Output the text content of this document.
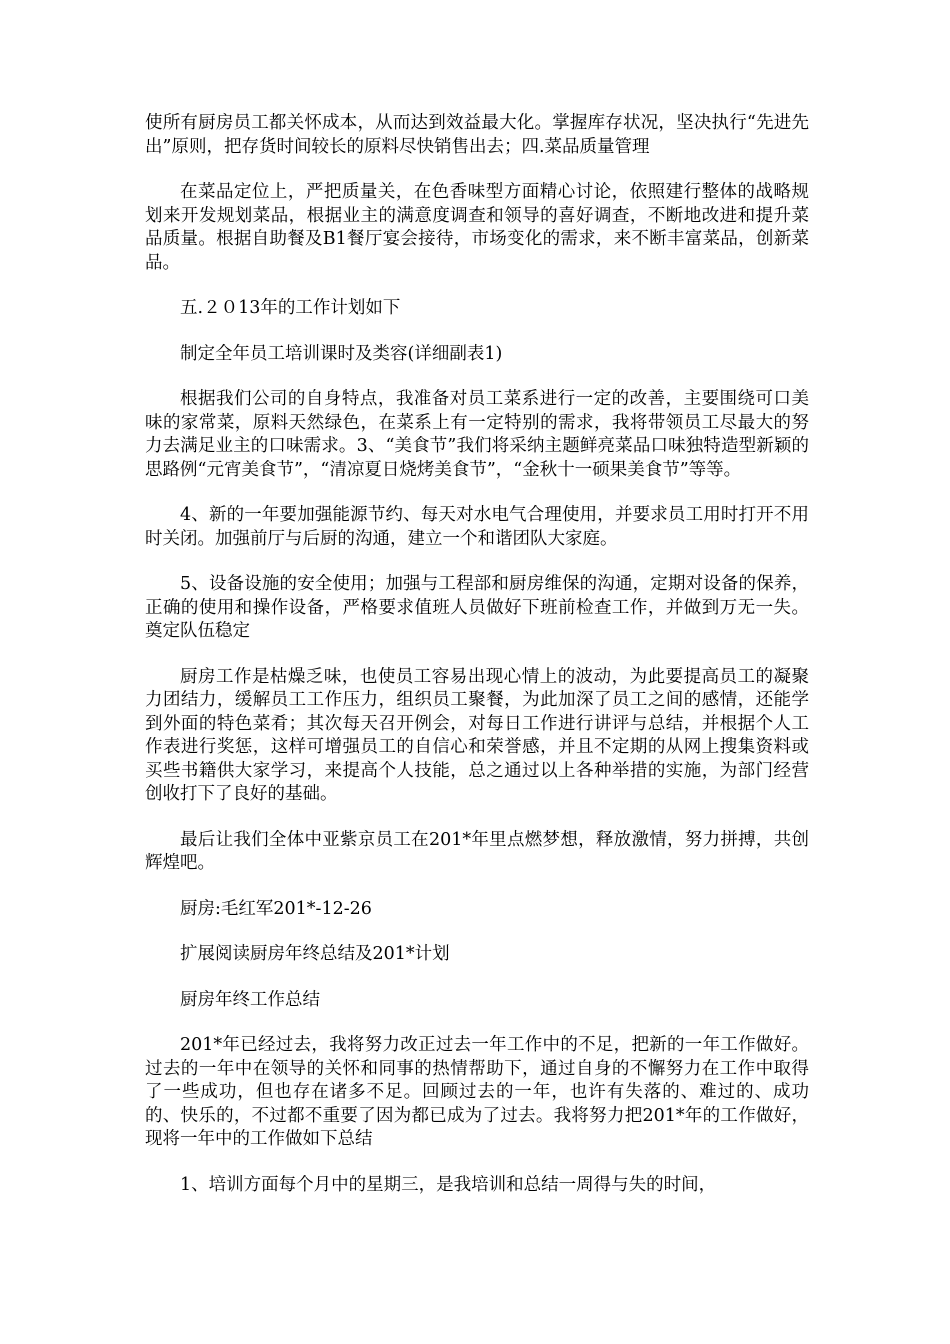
使所有厨房员工都关怀成本，从而达到效益最大化。掌握库存状况，坚决执行“先进先出”原则，把存货时间较长的原料尽快销售出去；四.菜品质量管理

在菜品定位上，严把质量关，在色香味型方面精心讨论，依照建行整体的战略规划来开发规划菜品，根据业主的满意度调查和领导的喜好调查，不断地改进和提升菜品质量。根据自助餐及B1餐厅宴会接待，市场变化的需求，来不断丰富菜品，创新菜品。

五.２０13年的工作计划如下

制定全年员工培训课时及类容(详细副表1)

根据我们公司的自身特点，我准备对员工菜系进行一定的改善，主要围绕可口美味的家常菜，原料天然绿色，在菜系上有一定特别的需求，我将带领员工尽最大的努力去满足业主的口味需求。3、“美食节”我们将采纳主题鲜亮菜品口味独特造型新颖的思路例“元宵美食节”，“清凉夏日烧烤美食节”，“金秋十一硕果美食节”等等。

4、新的一年要加强能源节约、每天对水电气合理使用，并要求员工用时打开不用时关闭。加强前厅与后厨的沟通，建立一个和谐团队大家庭。

5、设备设施的安全使用；加强与工程部和厨房维保的沟通，定期对设备的保养，正确的使用和操作设备，严格要求值班人员做好下班前检查工作，并做到万无一失。奠定队伍稳定

厨房工作是枯燥乏味，也使员工容易出现心情上的波动，为此要提高员工的凝聚力团结力，缓解员工工作压力，组织员工聚餐，为此加深了员工之间的感情，还能学到外面的特色菜肴；其次每天召开例会，对每日工作进行讲评与总结，并根据个人工作表进行奖惩，这样可增强员工的自信心和荣誉感，并且不定期的从网上搜集资料或买些书籍供大家学习，来提高个人技能，总之通过以上各种举措的实施，为部门经营创收打下了良好的基础。

最后让我们全体中亚紫京员工在201*年里点燃梦想，释放激情，努力拼搏，共创辉煌吧。

厨房:毛红军201*-12-26

扩展阅读厨房年终总结及201*计划

厨房年终工作总结

201*年已经过去，我将努力改正过去一年工作中的不足，把新的一年工作做好。过去的一年中在领导的关怀和同事的热情帮助下，通过自身的不懈努力在工作中取得了一些成功，但也存在诸多不足。回顾过去的一年，也许有失落的、难过的、成功的、快乐的，不过都不重要了因为都已成为了过去。我将努力把201*年的工作做好，现将一年中的工作做如下总结

1、培训方面每个月中的星期三，是我培训和总结一周得与失的时间，
